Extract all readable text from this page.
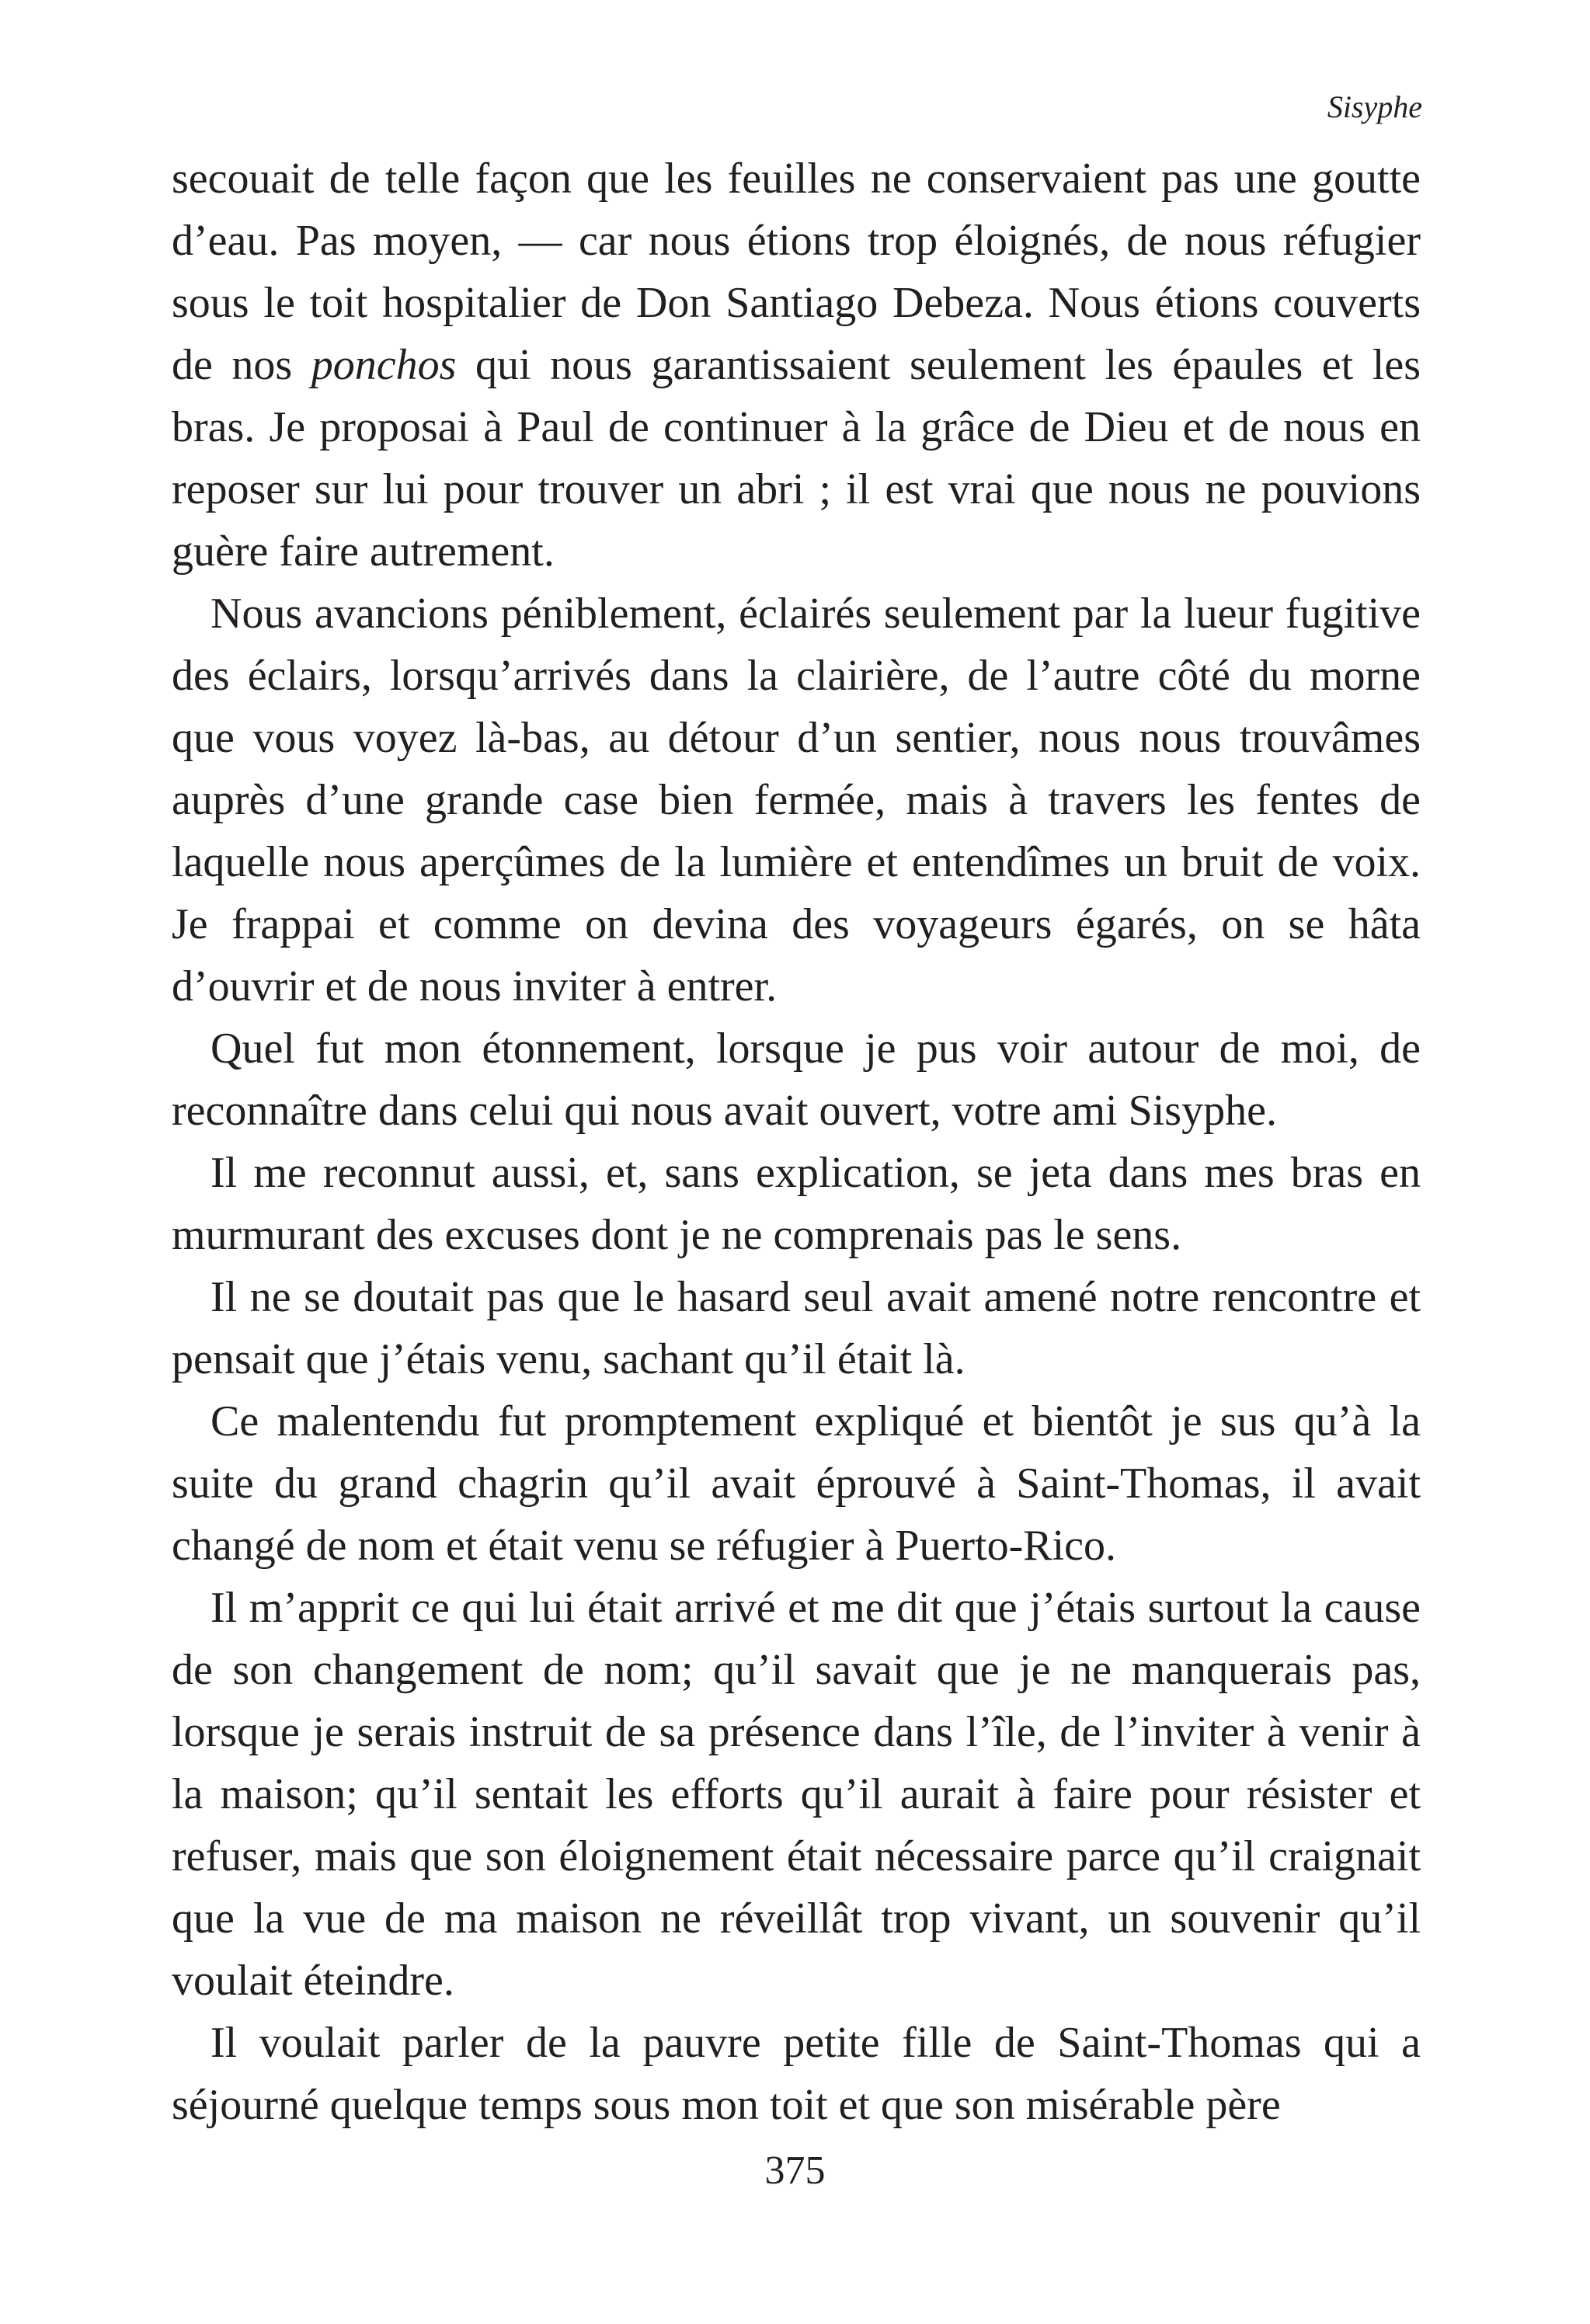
Sisyphe

secouait de telle façon que les feuilles ne conservaient pas une goutte d’eau. Pas moyen, — car nous étions trop éloignés, de nous réfugier sous le toit hospitalier de Don Santiago Debeza. Nous étions couverts de nos ponchos qui nous garantissaient seulement les épaules et les bras. Je proposai à Paul de continuer à la grâce de Dieu et de nous en reposer sur lui pour trouver un abri ; il est vrai que nous ne pouvions guère faire autrement.

Nous avancions péniblement, éclairés seulement par la lueur fugitive des éclairs, lorsqu’arrivés dans la clairière, de l’autre côté du morne que vous voyez là-bas, au détour d’un sentier, nous nous trouvâmes auprès d’une grande case bien fermée, mais à travers les fentes de laquelle nous aperçûmes de la lumière et entendîmes un bruit de voix. Je frappai et comme on devina des voyageurs égarés, on se hâta d’ouvrir et de nous inviter à entrer.

Quel fut mon étonnement, lorsque je pus voir autour de moi, de reconnaître dans celui qui nous avait ouvert, votre ami Sisyphe.

Il me reconnut aussi, et, sans explication, se jeta dans mes bras en murmurant des excuses dont je ne comprenais pas le sens.

Il ne se doutait pas que le hasard seul avait amené notre rencontre et pensait que j’étais venu, sachant qu’il était là.

Ce malentendu fut promptement expliqué et bientôt je sus qu’à la suite du grand chagrin qu’il avait éprouvé à Saint-Thomas, il avait changé de nom et était venu se réfugier à Puerto-Rico.

Il m’apprit ce qui lui était arrivé et me dit que j’étais surtout la cause de son changement de nom; qu’il savait que je ne manquerais pas, lorsque je serais instruit de sa présence dans l’île, de l’inviter à venir à la maison; qu’il sentait les efforts qu’il aurait à faire pour résister et refuser, mais que son éloignement était nécessaire parce qu’il craignait que la vue de ma maison ne réveillât trop vivant, un souvenir qu’il voulait éteindre.

Il voulait parler de la pauvre petite fille de Saint-Thomas qui a séjourné quelque temps sous mon toit et que son misérable père

375
